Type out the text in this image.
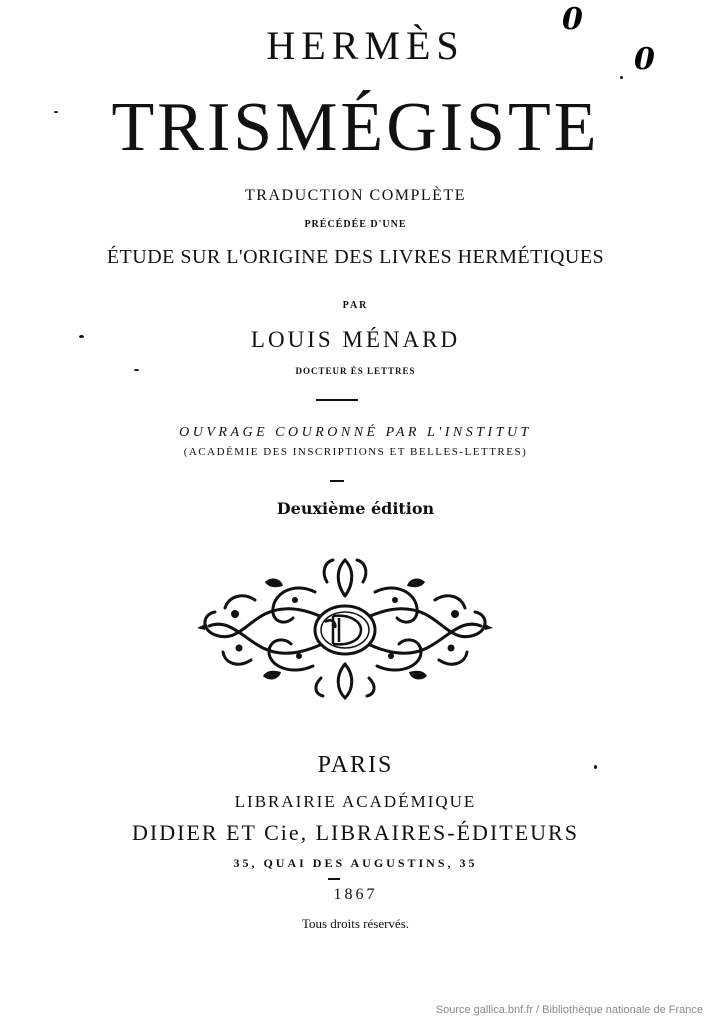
0
0
HERMÈS
TRISMÉGISTE
TRADUCTION COMPLÈTE
PRÉCÉDÉE D'UNE
ÉTUDE SUR L'ORIGINE DES LIVRES HERMÉTIQUES
PAR
LOUIS MÉNARD
DOCTEUR ÈS LETTRES
OUVRAGE COURONNÉ PAR L'INSTITUT
(ACADÉMIE DES INSCRIPTIONS ET BELLES-LETTRES)
Deuxième édition
PARIS
LIBRAIRIE ACADÉMIQUE
DIDIER ET Cie, LIBRAIRES-ÉDITEURS
35, QUAI DES AUGUSTINS, 35
1867
Tous droits réservés.
Source gallica.bnf.fr / Bibliothèque nationale de France
